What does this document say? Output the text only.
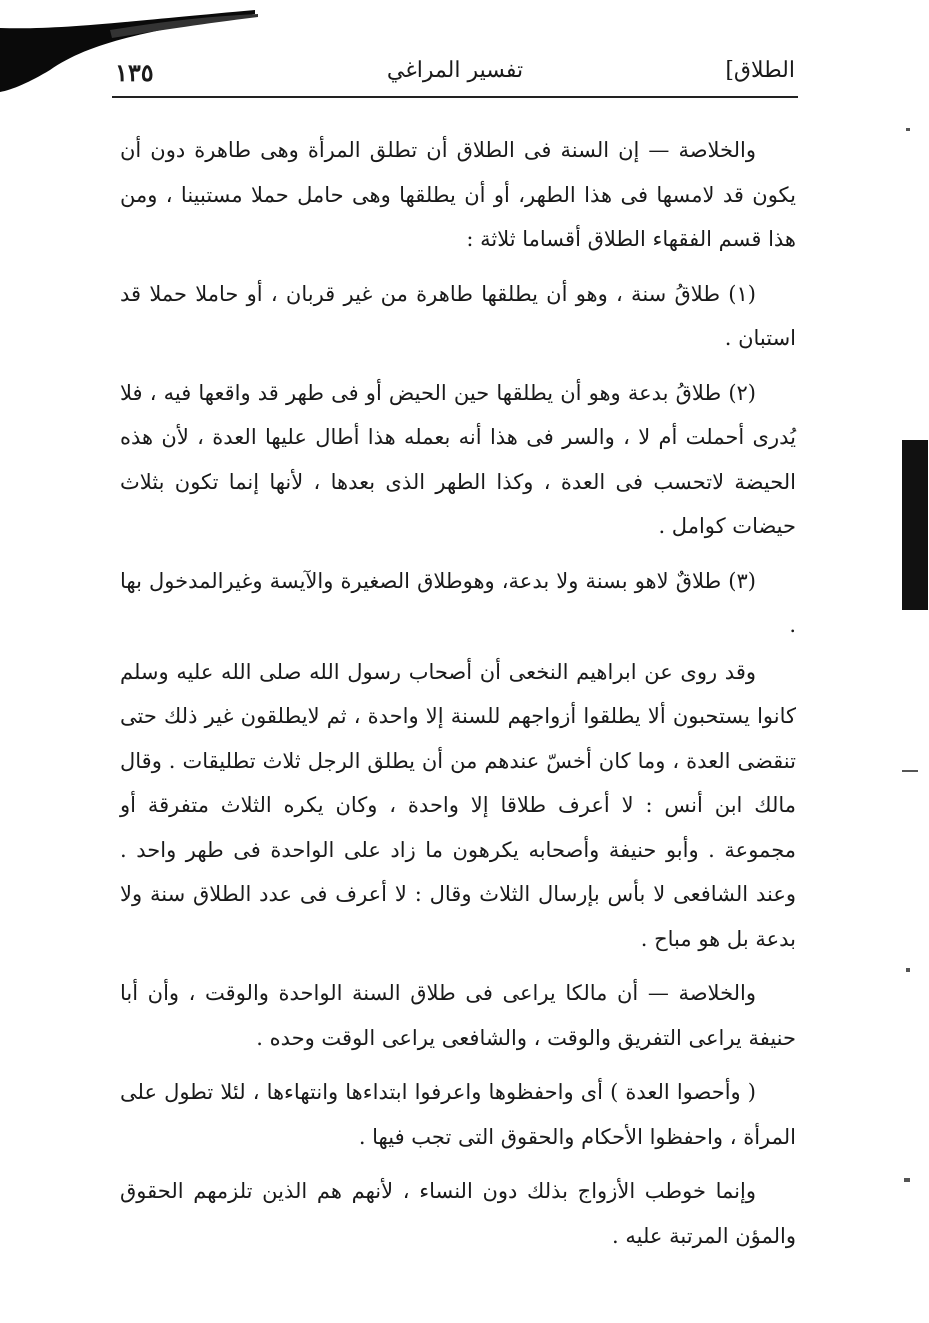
الطلاق]
تفسير المراغي
١٣٥

والخلاصة — إن السنة فى الطلاق أن تطلق المرأة وهى طاهرة دون أن يكون قد لامسها فى هذا الطهر، أو أن يطلقها وهى حامل حملا مستبينا ، ومن هذا قسم الفقهاء الطلاق أقساما ثلاثة :

(١) طلاقُ سنة ، وهو أن يطلقها طاهرة من غير قربان ، أو حاملا حملا قد استبان .

(٢) طلاقُ بدعة وهو أن يطلقها حين الحيض أو فى طهر قد واقعها فيه ، فلا يُدرى أحملت أم لا ، والسر فى هذا أنه بعمله هذا أطال عليها العدة ، لأن هذه الحيضة لاتحسب فى العدة ، وكذا الطهر الذى بعدها ، لأنها إنما تكون بثلاث حيضات كوامل .

(٣) طلاقٌ لاهو بسنة ولا بدعة، وهوطلاق الصغيرة والآيسة وغيرالمدخول بها .

وقد روى عن ابراهيم النخعى أن أصحاب رسول الله صلى الله عليه وسلم كانوا يستحبون ألا يطلقوا أزواجهم للسنة إلا واحدة ، ثم لايطلقون غير ذلك حتى تنقضى العدة ، وما كان أخسّ عندهم من أن يطلق الرجل ثلاث تطليقات . وقال مالك ابن أنس : لا أعرف طلاقا إلا واحدة ، وكان يكره الثلاث متفرقة أو مجموعة . وأبو حنيفة وأصحابه يكرهون ما زاد على الواحدة فى طهر واحد . وعند الشافعى لا بأس بإرسال الثلاث وقال : لا أعرف فى عدد الطلاق سنة ولا بدعة بل هو مباح .

والخلاصة — أن مالكا يراعى فى طلاق السنة الواحدة والوقت ، وأن أبا حنيفة يراعى التفريق والوقت ، والشافعى يراعى الوقت وحده .

( وأحصوا العدة ) أى واحفظوها واعرفوا ابتداءها وانتهاءها ، لئلا تطول على المرأة ، واحفظوا الأحكام والحقوق التى تجب فيها .

وإنما خوطب الأزواج بذلك دون النساء ، لأنهم هم الذين تلزمهم الحقوق والمؤن المرتبة عليه .
